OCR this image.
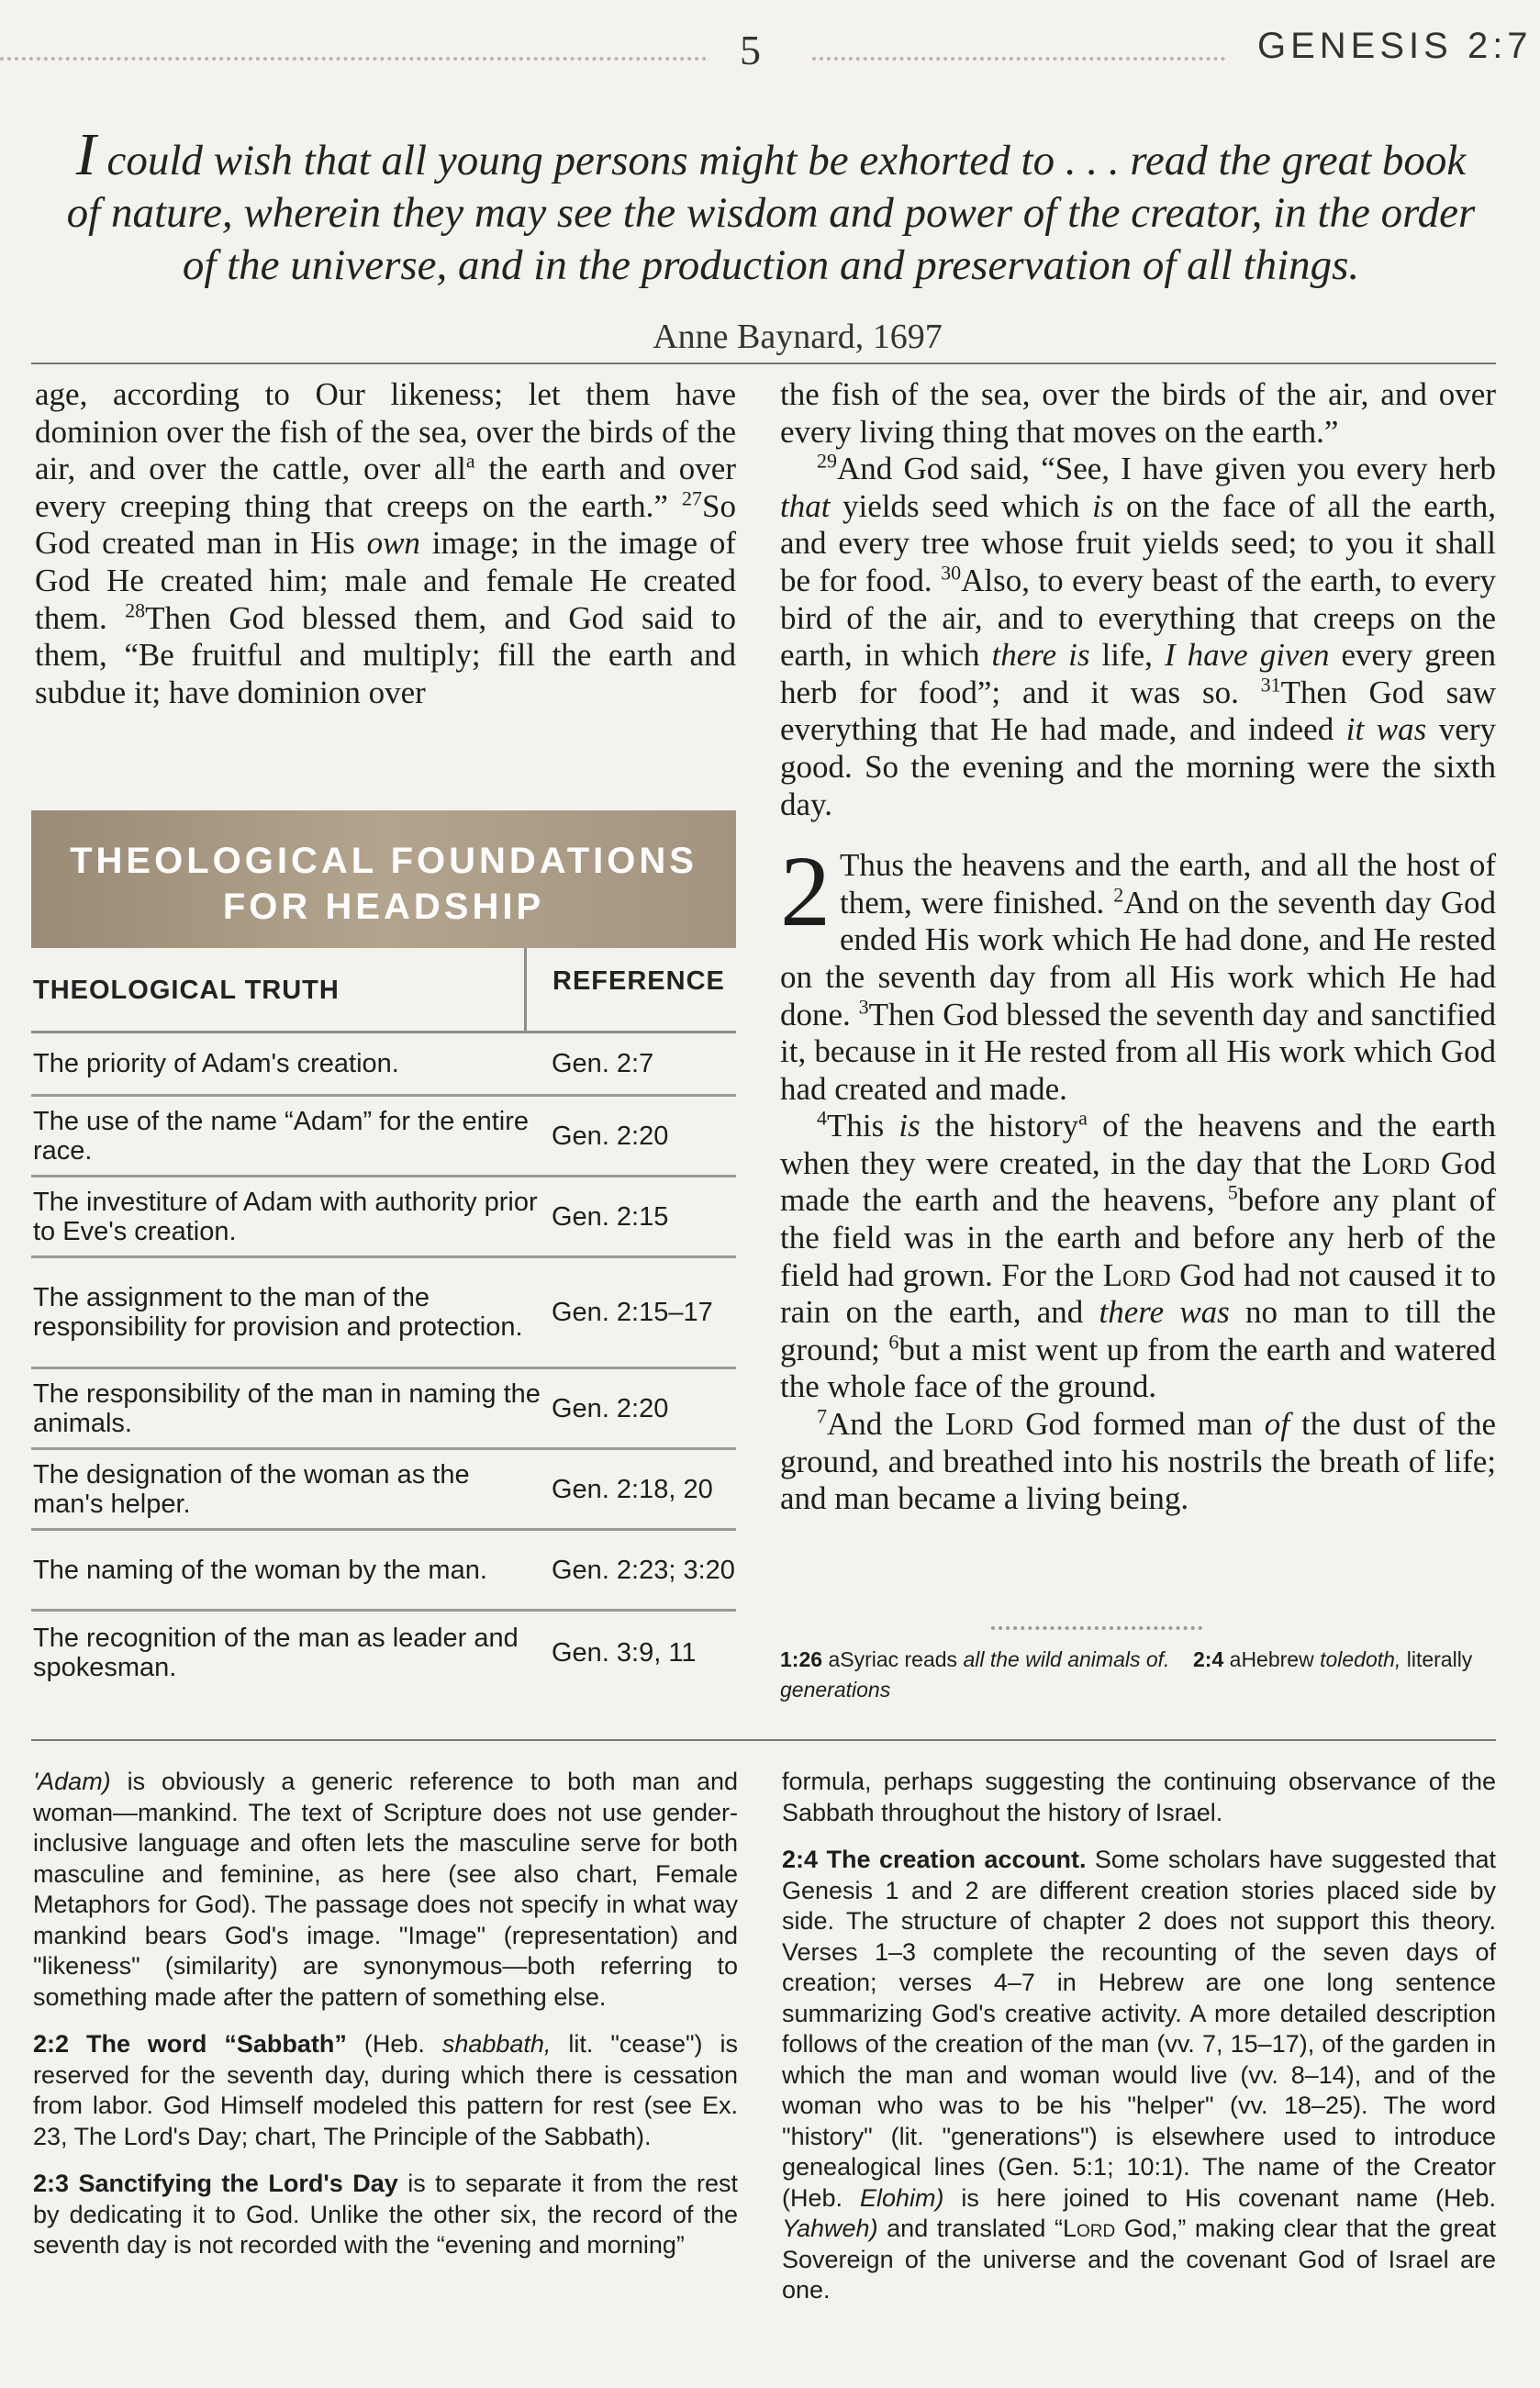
5	GENESIS 2:7
I could wish that all young persons might be exhorted to . . . read the great book of nature, wherein they may see the wisdom and power of the creator, in the order of the universe, and in the production and preservation of all things.
Anne Baynard, 1697

age, according to Our likeness; let them have dominion over the fish of the sea, over the birds of the air, and over the cattle, over all$^a$ the earth and over every creeping thing that creeps on the earth.” $^{27}$So God created man in His own image; in the image of God He created him; male and female He created them. $^{28}$Then God blessed them, and God said to them, “Be fruitful and multiply; fill the earth and subdue it; have dominion over

THEOLOGICAL FOUNDATIONS
FOR HEADSHIP
THEOLOGICAL TRUTH	REFERENCE
The priority of Adam's creation.	Gen. 2:7
The use of the name “Adam” for the entire race.	Gen. 2:20
The investiture of Adam with authority prior to Eve's creation.	Gen. 2:15
The assignment to the man of the responsibility for provision and protection.	Gen. 2:15–17
The responsibility of the man in naming the animals.	Gen. 2:20
The designation of the woman as the man's helper.	Gen. 2:18, 20
The naming of the woman by the man.	Gen. 2:23; 3:20
The recognition of the man as leader and spokesman.	Gen. 3:9, 11

the fish of the sea, over the birds of the air, and over every living thing that moves on the earth.”

$^{29}$And God said, “See, I have given you every herb that yields seed which is on the face of all the earth, and every tree whose fruit yields seed; to you it shall be for food. $^{30}$Also, to every beast of the earth, to every bird of the air, and to everything that creeps on the earth, in which there is life, I have given every green herb for food”; and it was so. $^{31}$Then God saw everything that He had made, and indeed it was very good. So the evening and the morning were the sixth day.

2 Thus the heavens and the earth, and all the host of them, were finished. $^2$And on the seventh day God ended His work which He had done, and He rested on the seventh day from all His work which He had done. $^3$Then God blessed the seventh day and sanctified it, because in it He rested from all His work which God had created and made.

$^4$This is the history$^a$ of the heavens and the earth when they were created, in the day that the Lord God made the earth and the heavens, $^5$before any plant of the field was in the earth and before any herb of the field had grown. For the Lord God had not caused it to rain on the earth, and there was no man to till the ground; $^6$but a mist went up from the earth and watered the whole face of the ground.

$^7$And the Lord God formed man of the dust of the ground, and breathed into his nostrils the breath of life; and man became a living being.

1:26 aSyriac reads all the wild animals of. 2:4 aHebrew toledoth, literally generations

'Adam) is obviously a generic reference to both man and woman—mankind. The text of Scripture does not use gender-inclusive language and often lets the masculine serve for both masculine and feminine, as here (see also chart, Female Metaphors for God). The passage does not specify in what way mankind bears God's image. "Image" (representation) and "likeness" (similarity) are synonymous—both referring to something made after the pattern of something else.

2:2 The word “Sabbath” (Heb. shabbath, lit. "cease") is reserved for the seventh day, during which there is cessation from labor. God Himself modeled this pattern for rest (see Ex. 23, The Lord's Day; chart, The Principle of the Sabbath).

2:3 Sanctifying the Lord's Day is to separate it from the rest by dedicating it to God. Unlike the other six, the record of the seventh day is not recorded with the “evening and morning”

formula, perhaps suggesting the continuing observance of the Sabbath throughout the history of Israel.

2:4 The creation account. Some scholars have suggested that Genesis 1 and 2 are different creation stories placed side by side. The structure of chapter 2 does not support this theory. Verses 1–3 complete the recounting of the seven days of creation; verses 4–7 in Hebrew are one long sentence summarizing God's creative activity. A more detailed description follows of the creation of the man (vv. 7, 15–17), of the garden in which the man and woman would live (vv. 8–14), and of the woman who was to be his "helper" (vv. 18–25). The word "history" (lit. "generations") is elsewhere used to introduce genealogical lines (Gen. 5:1; 10:1). The name of the Creator (Heb. Elohim) is here joined to His covenant name (Heb. Yahweh) and translated “Lord God,” making clear that the great Sovereign of the universe and the covenant God of Israel are one.
